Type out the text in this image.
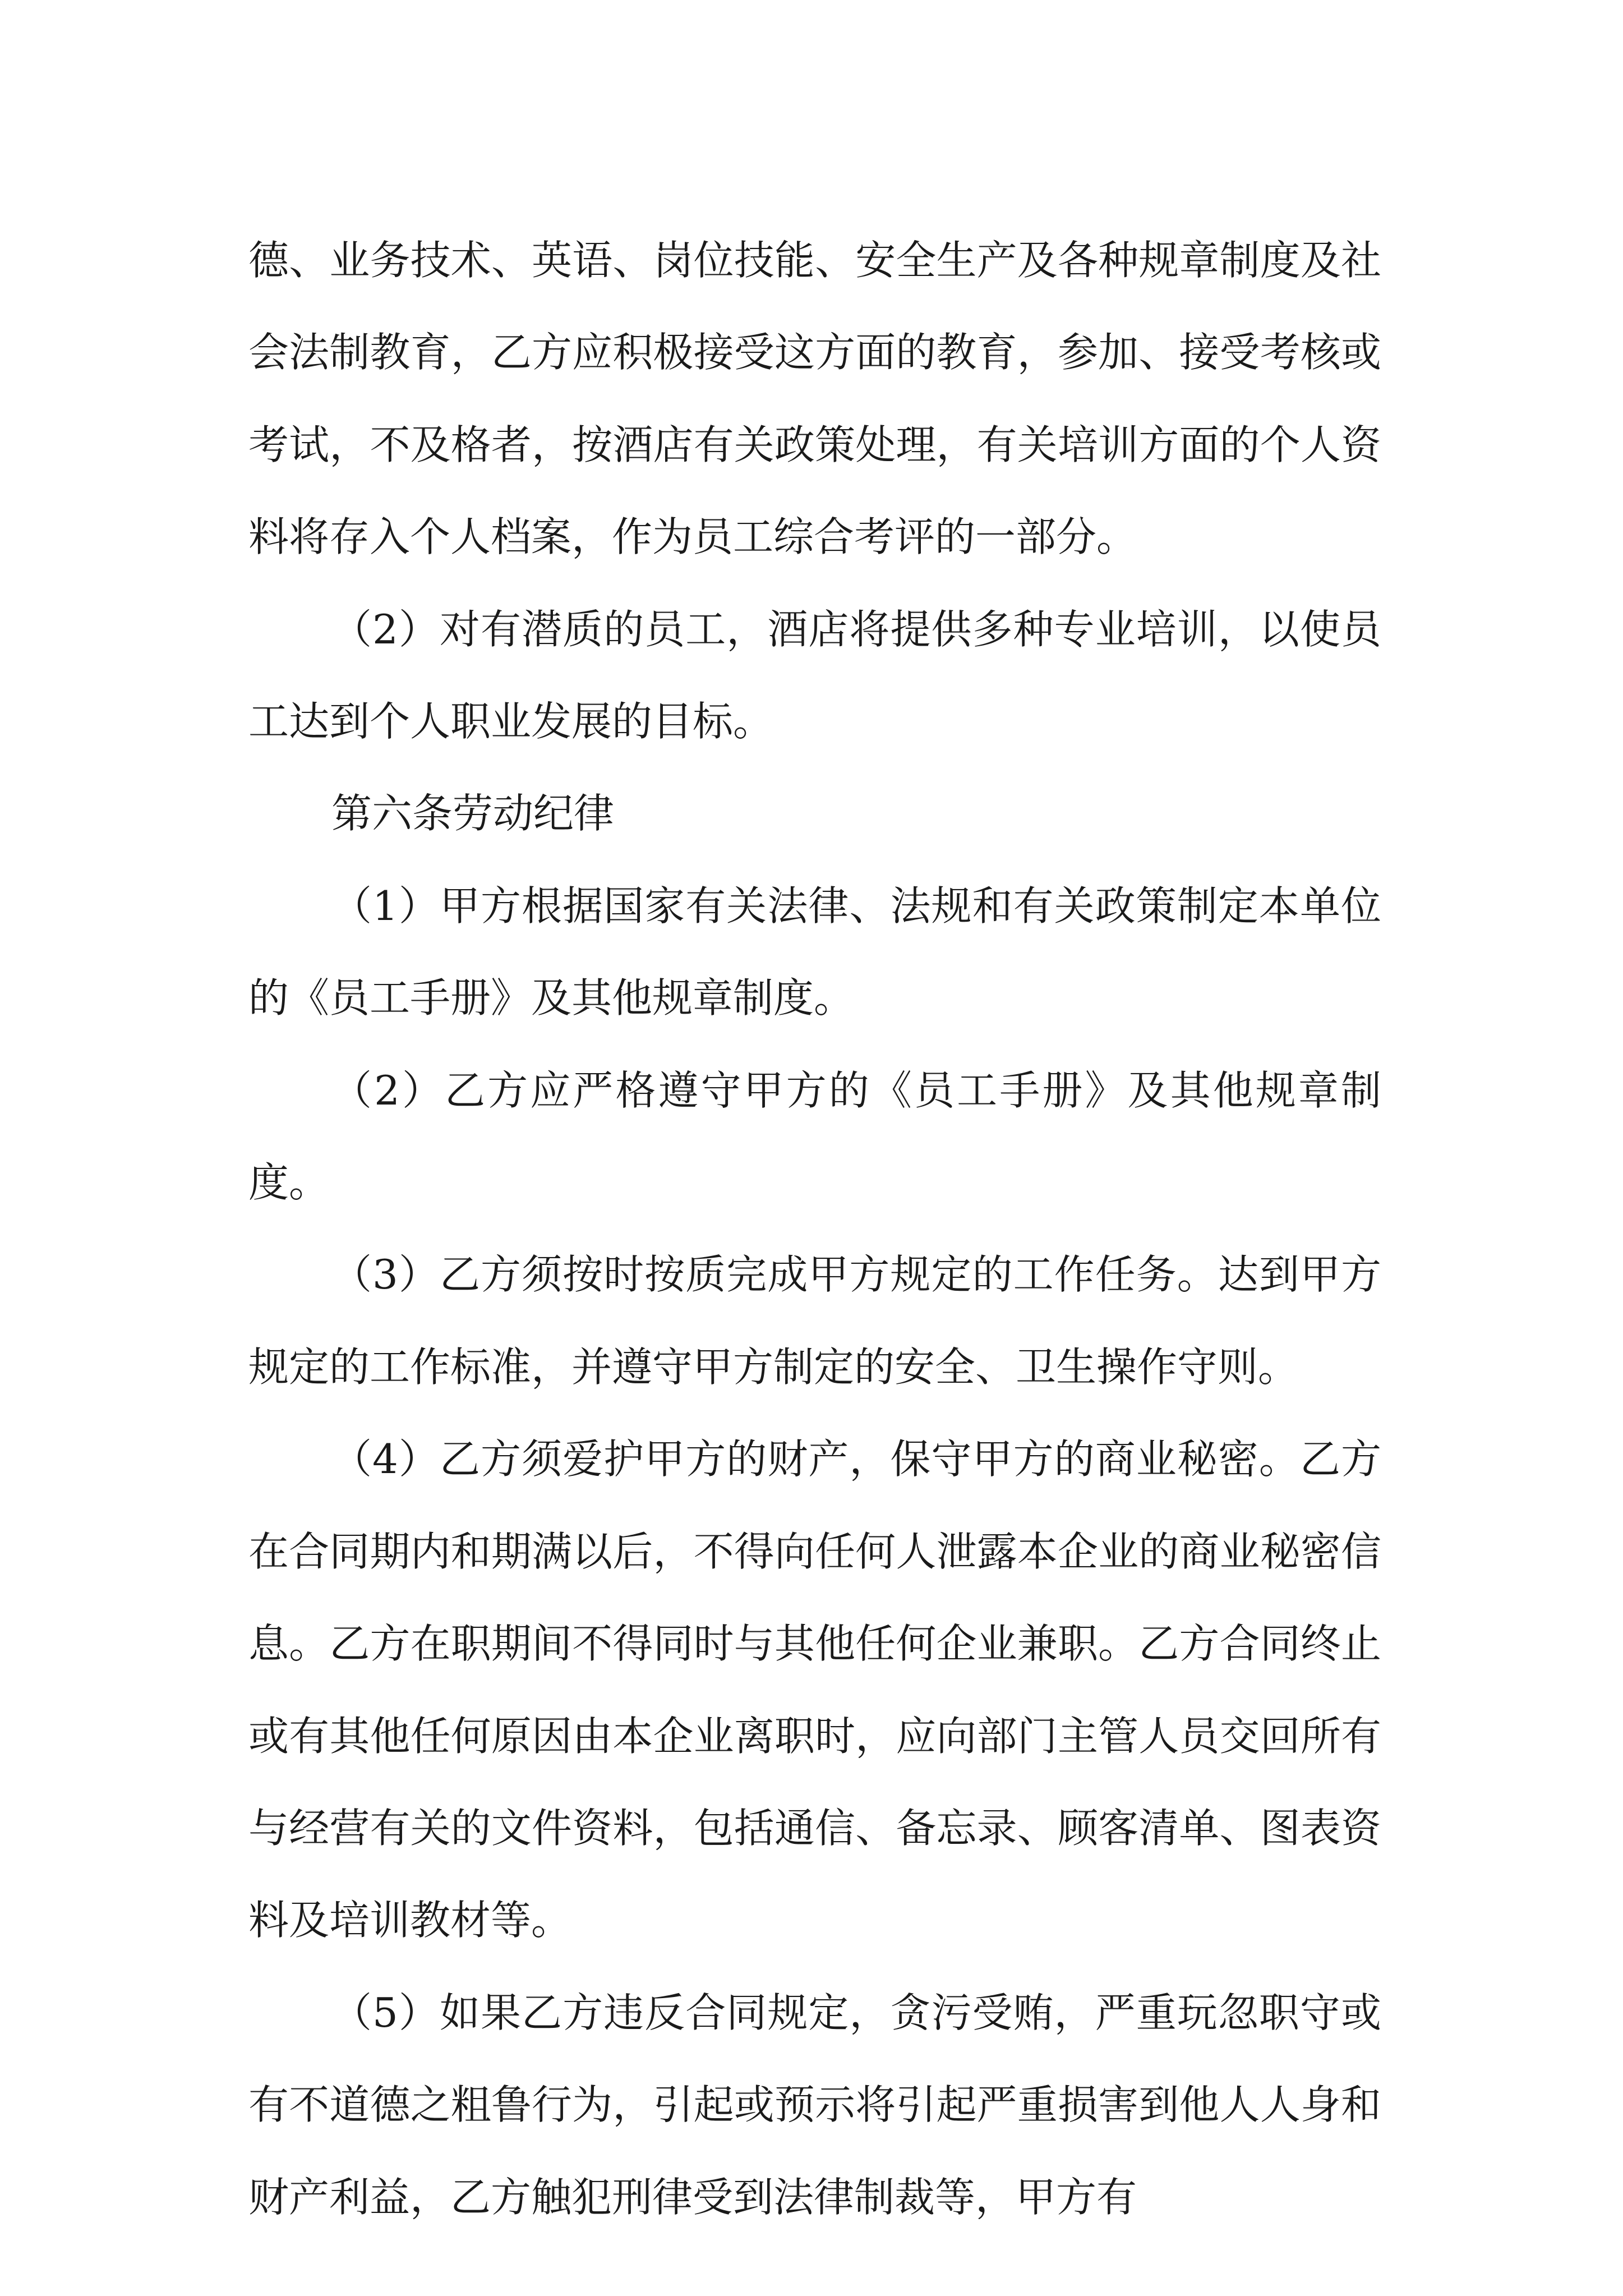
德、业务技术、英语、岗位技能、安全生产及各种规章制度及社会法制教育，乙方应积极接受这方面的教育，参加、接受考核或考试，不及格者，按酒店有关政策处理，有关培训方面的个人资料将存入个人档案，作为员工综合考评的一部分。

（2）对有潜质的员工，酒店将提供多种专业培训，以使员工达到个人职业发展的目标。

第六条劳动纪律

（1）甲方根据国家有关法律、法规和有关政策制定本单位的《员工手册》及其他规章制度。

（2）乙方应严格遵守甲方的《员工手册》及其他规章制度。

（3）乙方须按时按质完成甲方规定的工作任务。达到甲方规定的工作标准，并遵守甲方制定的安全、卫生操作守则。

（4）乙方须爱护甲方的财产，保守甲方的商业秘密。乙方在合同期内和期满以后，不得向任何人泄露本企业的商业秘密信息。乙方在职期间不得同时与其他任何企业兼职。乙方合同终止或有其他任何原因由本企业离职时，应向部门主管人员交回所有与经营有关的文件资料，包括通信、备忘录、顾客清单、图表资料及培训教材等。

（5）如果乙方违反合同规定，贪污受贿，严重玩忽职守或有不道德之粗鲁行为，引起或预示将引起严重损害到他人人身和财产利益，乙方触犯刑律受到法律制裁等，甲方有
